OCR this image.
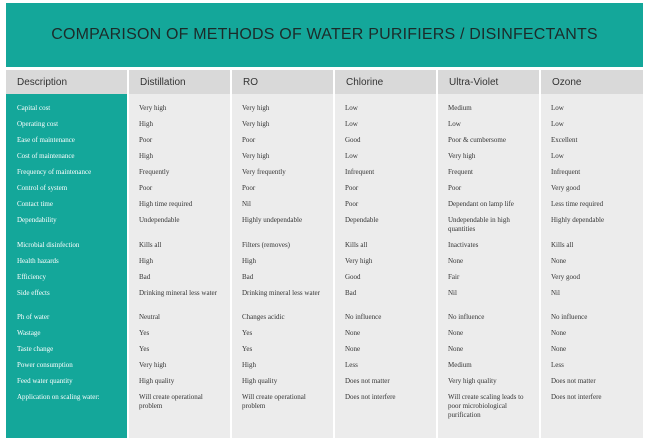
COMPARISON OF METHODS OF WATER PURIFIERS / DISINFECTANTS
Description
Capital cost
Operating cost
Ease of maintenance
Cost of maintenance
Frequency of maintenance
Control of system
Contact time
Dependability
Microbial disinfection
Health hazards
Efficiency
Side effects
Ph of water
Wastage
Taste change
Power consumption
Feed water quantity
Application on scaling water:
Distillation
Very high
High
Poor
High
Frequently
Poor
High time required
Undependable
Kills all
High
Bad
Drinking mineral less water
Neutral
Yes
Yes
Very high
High quality
Will create operational problem
RO
Very high
Very high
Poor
Very high
Very frequently
Poor
Nil
Highly undependable
Filters (removes)
High
Bad
Drinking mineral less water
Changes acidic
Yes
Yes
High
High quality
Will create operational problem
Chlorine
Low
Low
Good
Low
Infrequent
Poor
Poor
Dependable
Kills all
Very high
Good
Bad
No influence
None
None
Less
Does not matter
Does not interfere
Ultra-Violet
Medium
Low
Poor & cumbersome
Very high
Frequent
Poor
Dependant on lamp life
Undependable in high quantities
Inactivates
None
Fair
Nil
No influence
None
None
Medium
Very high quality
Will create scaling leads to poor microbiological purification
Ozone
Low
Low
Excellent
Low
Infrequent
Very good
Less time required
Highly dependable
Kills all
None
Very good
Nil
No influence
None
None
Less
Does not matter
Does not interfere
